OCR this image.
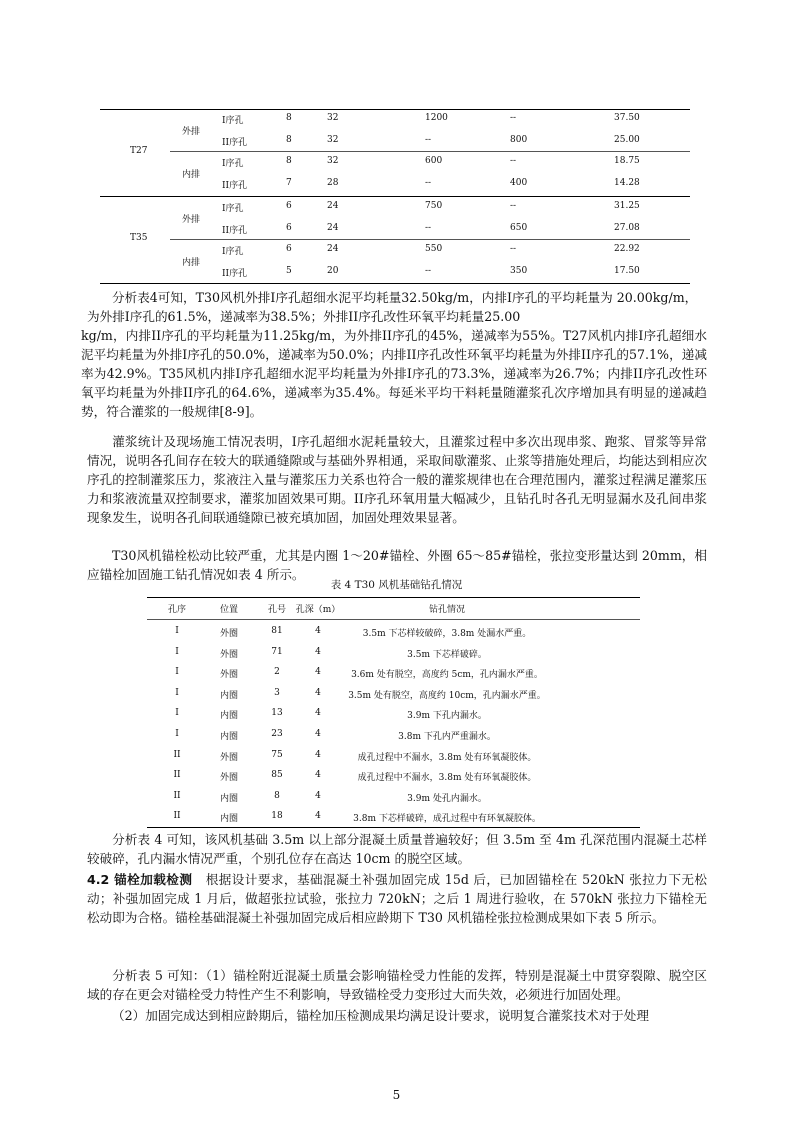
T27
外排
I序孔	8	32	1200	--	37.50
II序孔	8	32	--	800	25.00
内排
I序孔	8	32	600	--	18.75
II序孔	7	28	--	400	14.28
T35
外排
I序孔	6	24	750	--	31.25
II序孔	6	24	--	650	27.08
内排
I序孔	6	24	550	--	22.92
II序孔	5	20	--	350	17.50
分析表4可知，T30风机外排I序孔超细水泥平均耗量32.50kg/m，内排I序孔的平均耗量为 20.00kg/m，
为外排I序孔的61.5%，递减率为38.5%；外排II序孔改性环氧平均耗量25.00
kg/m，内排II序孔的平均耗量为11.25kg/m，为外排II序孔的45%，递减率为55%。T27风机内排I序孔超细水泥平均耗量为外排I序孔的50.0%，递减率为50.0%；内排II序孔改性环氧平均耗量为外排II序孔的57.1%，递减率为42.9%。T35风机内排I序孔超细水泥平均耗量为外排I序孔的73.3%，递减率为26.7%；内排II序孔改性环氧平均耗量为外排II序孔的64.6%，递减率为35.4%。每延米平均干料耗量随灌浆孔次序增加具有明显的递减趋势，符合灌浆的一般规律[8-9]。
灌浆统计及现场施工情况表明，I序孔超细水泥耗量较大，且灌浆过程中多次出现串浆、跑浆、冒浆等异常情况，说明各孔间存在较大的联通缝隙或与基础外界相通，采取间歇灌浆、止浆等措施处理后，均能达到相应次序孔的控制灌浆压力，浆液注入量与灌浆压力关系也符合一般的灌浆规律也在合理范围内，灌浆过程满足灌浆压力和浆液流量双控制要求，灌浆加固效果可期。II序孔环氧用量大幅减少，且钻孔时各孔无明显漏水及孔间串浆现象发生，说明各孔间联通缝隙已被充填加固，加固处理效果显著。
T30风机锚栓松动比较严重，尤其是内圈 1～20#锚栓、外圈 65～85#锚栓，张拉变形量达到 20mm，相应锚栓加固施工钻孔情况如表 4 所示。
表 4 T30 风机基础钻孔情况
孔序	位置	孔号 孔深（m）	钻孔情况
I	外圈	81	4	3.5m 下芯样较破碎，3.8m 处漏水严重。
I	外圈	71	4	3.5m 下芯样破碎。
I	外圈	2	4	3.6m 处有脱空，高度约 5cm，孔内漏水严重。
I	内圈	3	4	3.5m 处有脱空，高度约 10cm，孔内漏水严重。
I	内圈	13	4	3.9m 下孔内漏水。
I	内圈	23	4	3.8m 下孔内严重漏水。
II	外圈	75	4	成孔过程中不漏水，3.8m 处有环氧凝胶体。
II	外圈	85	4	成孔过程中不漏水，3.8m 处有环氧凝胶体。
II	内圈	8	4	3.9m 处孔内漏水。
II	内圈	18	4	3.8m 下芯样破碎，成孔过程中有环氧凝胶体。
分析表 4 可知，该风机基础 3.5m 以上部分混凝土质量普遍较好；但 3.5m 至 4m 孔深范围内混凝土芯样较破碎，孔内漏水情况严重，个别孔位存在高达 10cm 的脱空区域。
4.2 锚栓加载检测 根据设计要求，基础混凝土补强加固完成 15d 后，已加固锚栓在 520kN 张拉力下无松动；补强加固完成 1 月后，做超张拉试验，张拉力 720kN；之后 1 周进行验收，在 570kN 张拉力下锚栓无松动即为合格。锚栓基础混凝土补强加固完成后相应龄期下 T30 风机锚栓张拉检测成果如下表 5 所示。
分析表 5 可知：（1）锚栓附近混凝土质量会影响锚栓受力性能的发挥，特别是混凝土中贯穿裂隙、脱空区域的存在更会对锚栓受力特性产生不利影响，导致锚栓受力变形过大而失效，必须进行加固处理。
（2）加固完成达到相应龄期后，锚栓加压检测成果均满足设计要求，说明复合灌浆技术对于处理
5
